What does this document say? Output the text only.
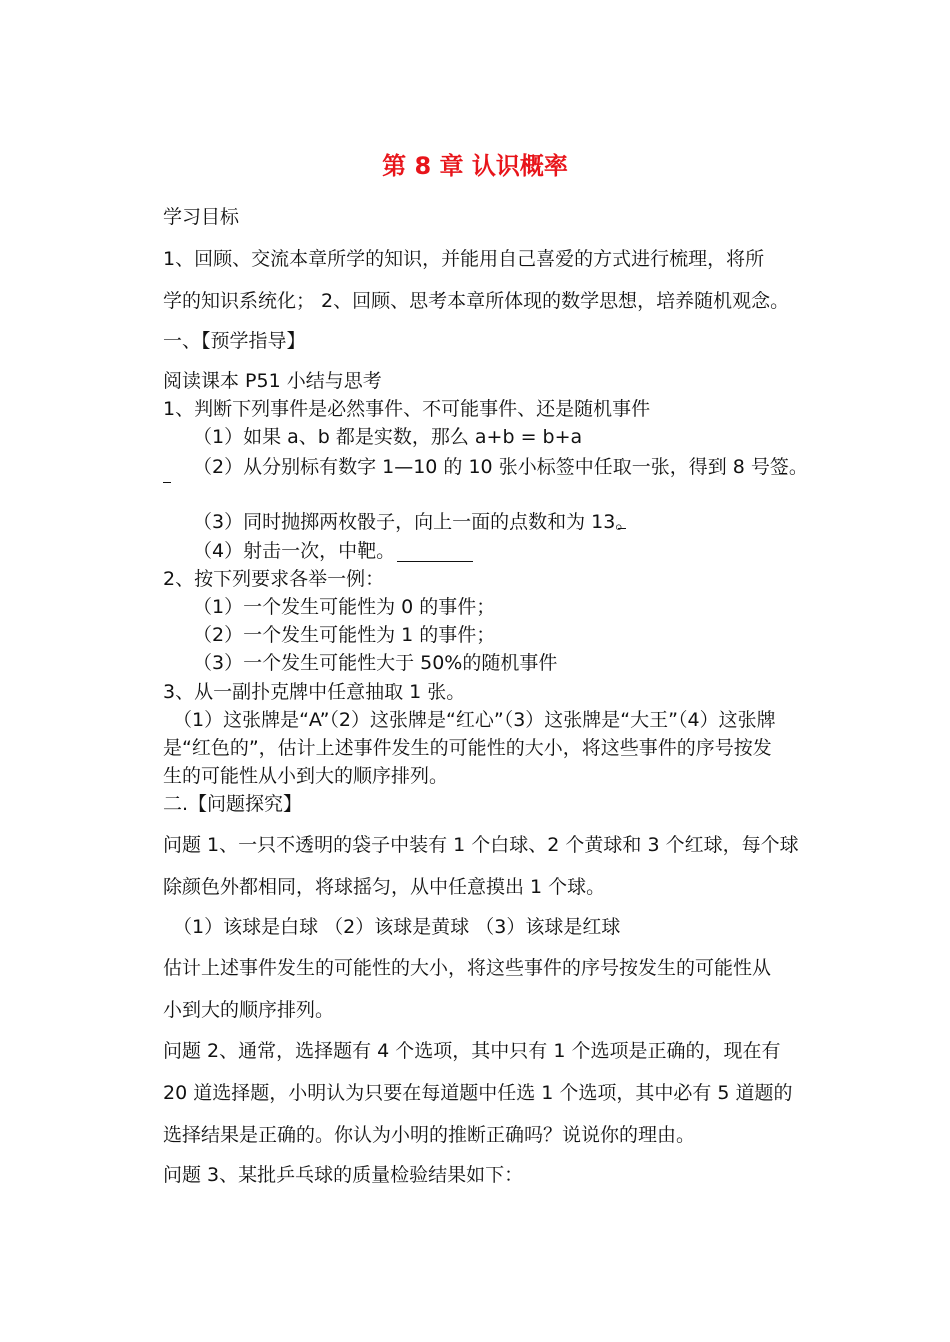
第 8 章 认识概率
学习目标
1、回顾、交流本章所学的知识，并能用自己喜爱的方式进行梳理，将所
学的知识系统化； 2、回顾、思考本章所体现的数学思想，培养随机观念。
一、【预学指导】
阅读课本 P51 小结与思考
1、判断下列事件是必然事件、不可能事件、还是随机事件
（1）如果 a、b 都是实数，那么 a+b = b+a
（2）从分别标有数字 1—10 的 10 张小标签中任取一张，得到 8 号签。
（3）同时抛掷两枚骰子，向上一面的点数和为 13。
（4）射击一次，中靶。
2、按下列要求各举一例：
（1）一个发生可能性为 0 的事件；
（2）一个发生可能性为 1 的事件；
（3）一个发生可能性大于 50%的随机事件
3、从一副扑克牌中任意抽取 1 张。
（1）这张牌是“A”（2）这张牌是“红心”（3）这张牌是“大王”（4）这张牌
是“红色的”，估计上述事件发生的可能性的大小，将这些事件的序号按发
生的可能性从小到大的顺序排列。
二.【问题探究】
问题 1、一只不透明的袋子中装有 1 个白球、2 个黄球和 3 个红球，每个球
除颜色外都相同，将球摇匀，从中任意摸出 1 个球。
（1）该球是白球 （2）该球是黄球 （3）该球是红球
估计上述事件发生的可能性的大小，将这些事件的序号按发生的可能性从
小到大的顺序排列。
问题 2、通常，选择题有 4 个选项，其中只有 1 个选项是正确的，现在有
20 道选择题，小明认为只要在每道题中任选 1 个选项，其中必有 5 道题的
选择结果是正确的。你认为小明的推断正确吗？说说你的理由。
问题 3、某批乒乓球的质量检验结果如下：
